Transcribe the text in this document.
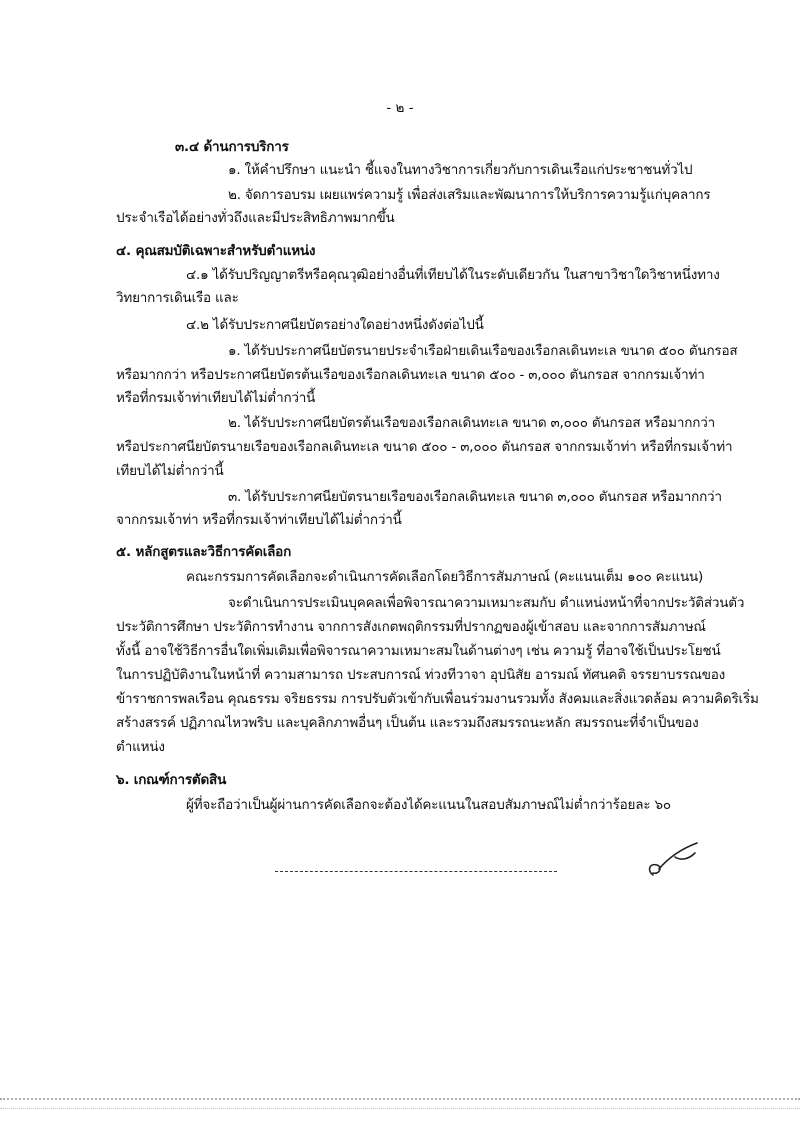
- ๒ -
๓.๔ ด้านการบริการ
๑. ให้คำปรึกษา แนะนำ ชี้แจงในทางวิชาการเกี่ยวกับการเดินเรือแก่ประชาชนทั่วไป
๒. จัดการอบรม เผยแพร่ความรู้ เพื่อส่งเสริมและพัฒนาการให้บริการความรู้แก่บุคลากร
ประจำเรือได้อย่างทั่วถึงและมีประสิทธิภาพมากขึ้น
๔. คุณสมบัติเฉพาะสำหรับตำแหน่ง
๔.๑ ได้รับปริญญาตรีหรือคุณวุฒิอย่างอื่นที่เทียบได้ในระดับเดียวกัน ในสาขาวิชาใดวิชาหนึ่งทาง
วิทยาการเดินเรือ และ
๔.๒ ได้รับประกาศนียบัตรอย่างใดอย่างหนึ่งดังต่อไปนี้
๑. ได้รับประกาศนียบัตรนายประจำเรือฝ่ายเดินเรือของเรือกลเดินทะเล ขนาด ๕๐๐ ตันกรอส
หรือมากกว่า หรือประกาศนียบัตรต้นเรือของเรือกลเดินทะเล ขนาด ๕๐๐ - ๓,๐๐๐ ตันกรอส จากกรมเจ้าท่า
หรือที่กรมเจ้าท่าเทียบได้ไม่ต่ำกว่านี้
๒. ได้รับประกาศนียบัตรต้นเรือของเรือกลเดินทะเล ขนาด ๓,๐๐๐ ตันกรอส หรือมากกว่า
หรือประกาศนียบัตรนายเรือของเรือกลเดินทะเล ขนาด ๕๐๐ - ๓,๐๐๐ ตันกรอส จากกรมเจ้าท่า หรือที่กรมเจ้าท่า
เทียบได้ไม่ต่ำกว่านี้
๓. ได้รับประกาศนียบัตรนายเรือของเรือกลเดินทะเล ขนาด ๓,๐๐๐ ตันกรอส หรือมากกว่า
จากกรมเจ้าท่า หรือที่กรมเจ้าท่าเทียบได้ไม่ต่ำกว่านี้
๕. หลักสูตรและวิธีการคัดเลือก
คณะกรรมการคัดเลือกจะดำเนินการคัดเลือกโดยวิธีการสัมภาษณ์ (คะแนนเต็ม ๑๐๐ คะแนน)
จะดำเนินการประเมินบุคคลเพื่อพิจารณาความเหมาะสมกับ ตำแหน่งหน้าที่จากประวัติส่วนตัว
ประวัติการศึกษา ประวัติการทำงาน จากการสังเกตพฤติกรรมที่ปรากฏของผู้เข้าสอบ และจากการสัมภาษณ์
ทั้งนี้ อาจใช้วิธีการอื่นใดเพิ่มเติมเพื่อพิจารณาความเหมาะสมในด้านต่างๆ เช่น ความรู้ ที่อาจใช้เป็นประโยชน์
ในการปฏิบัติงานในหน้าที่ ความสามารถ ประสบการณ์ ท่วงทีวาจา อุปนิสัย อารมณ์ ทัศนคติ จรรยาบรรณของ
ข้าราชการพลเรือน คุณธรรม จริยธรรม การปรับตัวเข้ากับเพื่อนร่วมงานรวมทั้ง สังคมและสิ่งแวดล้อม ความคิดริเริ่ม
สร้างสรรค์ ปฏิภาณไหวพริบ และบุคลิกภาพอื่นๆ เป็นต้น และรวมถึงสมรรถนะหลัก สมรรถนะที่จำเป็นของ
ตำแหน่ง
๖. เกณฑ์การตัดสิน
ผู้ที่จะถือว่าเป็นผู้ผ่านการคัดเลือกจะต้องได้คะแนนในสอบสัมภาษณ์ไม่ต่ำกว่าร้อยละ ๖๐
